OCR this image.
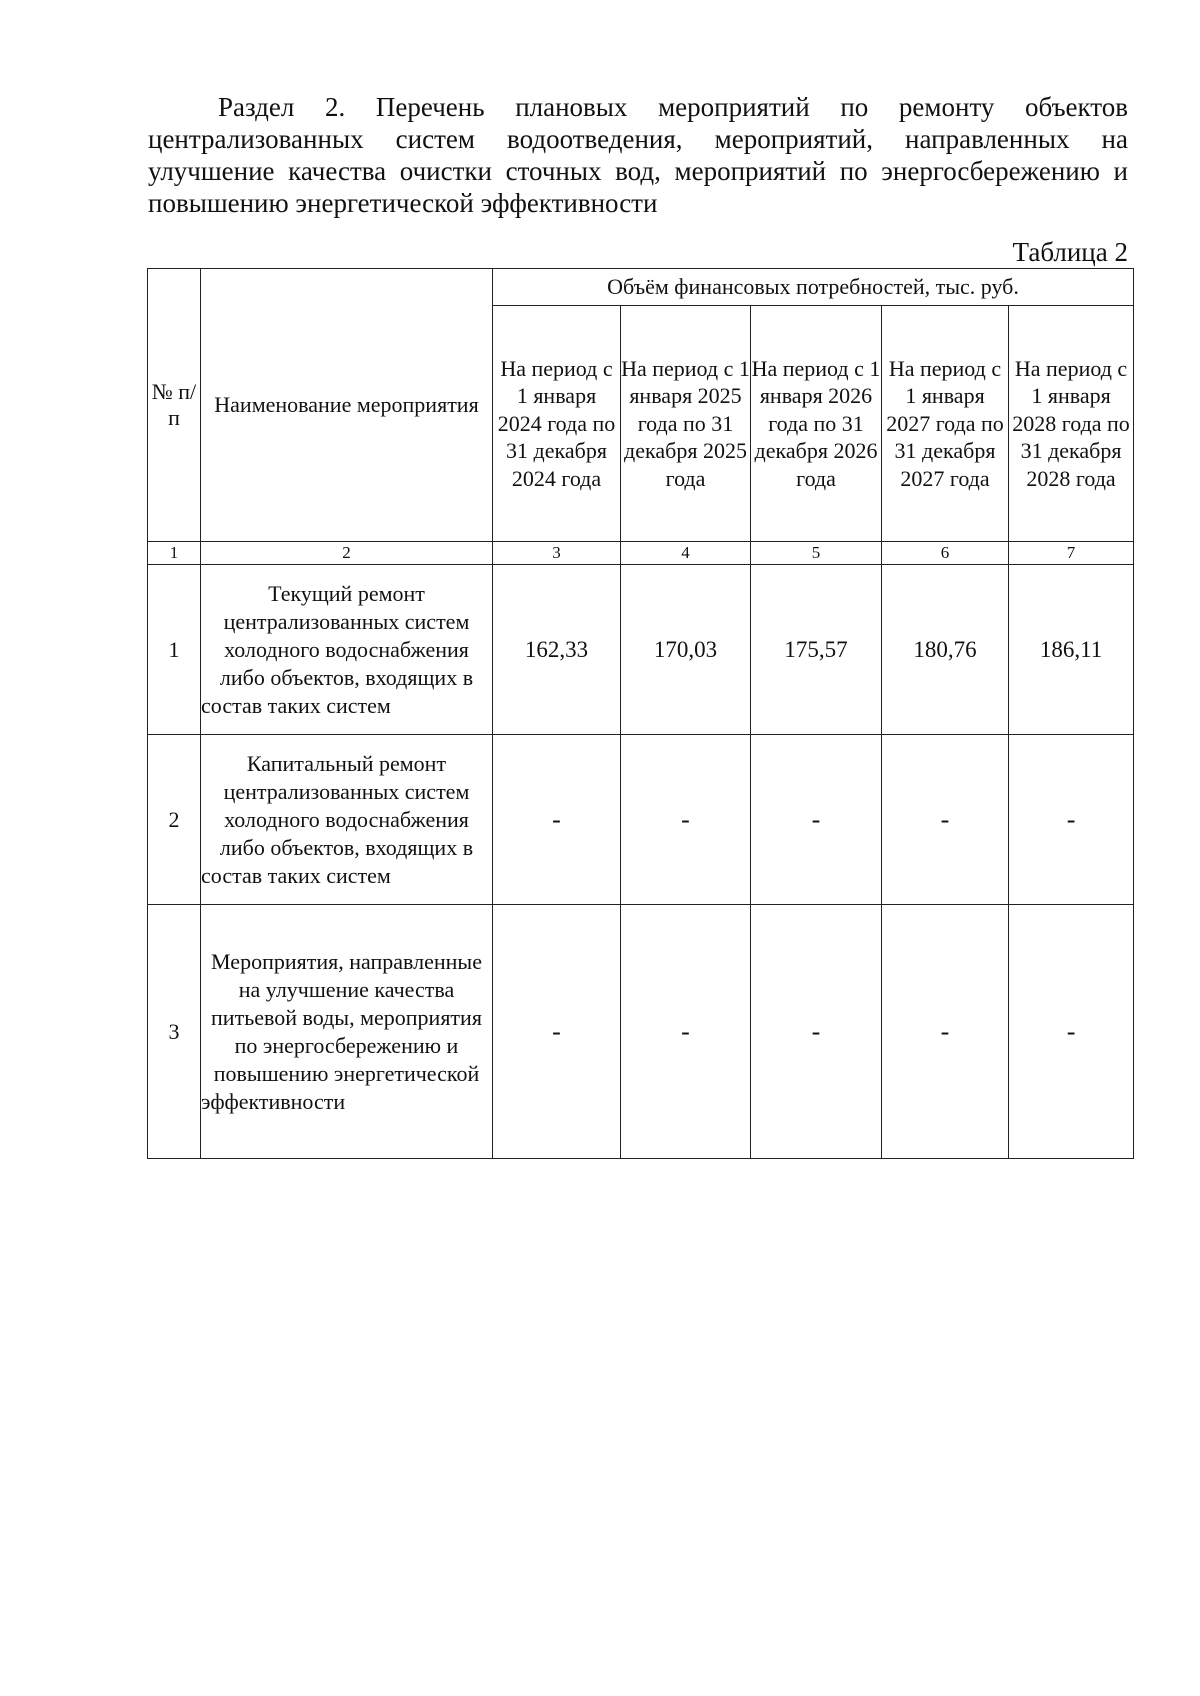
Раздел 2. Перечень плановых мероприятий по ремонту объектов централизованных систем водоотведения, мероприятий, направленных на улучшение качества очистки сточных вод, мероприятий по энергосбережению и повышению энергетической эффективности
Таблица 2
№ п/п	Наименование мероприятия	Объём финансовых потребностей, тыс. руб.				
		На период с 1 января 2024 года по 31 декабря 2024 года	На период с 1 января 2025 года по 31 декабря 2025 года	На период с 1 января 2026 года по 31 декабря 2026 года	На период с 1 января 2027 года по 31 декабря 2027 года	На период с 1 января 2028 года по 31 декабря 2028 года
1	2	3	4	5	6	7
1	Текущий ремонт централизованных систем холодного водоснабжения либо объектов, входящих в состав таких систем	162,33	170,03	175,57	180,76	186,11
2	Капитальный ремонт централизованных систем холодного водоснабжения либо объектов, входящих в состав таких систем	-	-	-	-	-
3	Мероприятия, направленные на улучшение качества питьевой воды, мероприятия по энергосбережению и повышению энергетической эффективности	-	-	-	-	-
